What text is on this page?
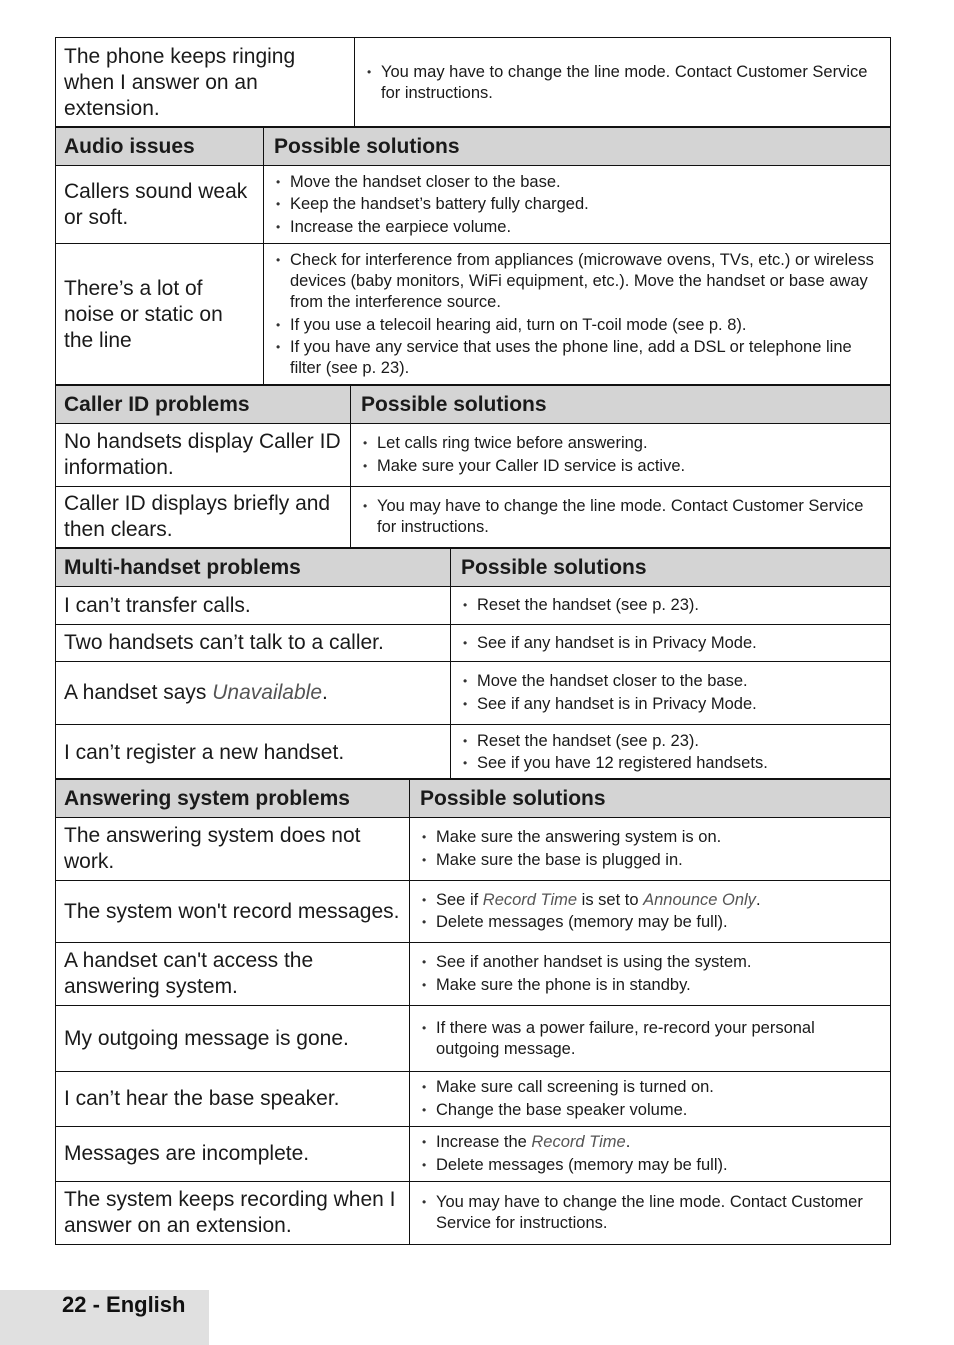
The phone keeps ringing when I answer on an extension.
• You may have to change the line mode. Contact Customer Service for instructions.
Audio issues	Possible solutions
Callers sound weak or soft.
• Move the handset closer to the base.
• Keep the handset’s battery fully charged.
• Increase the earpiece volume.
There’s a lot of noise or static on the line
• Check for interference from appliances (microwave ovens, TVs, etc.) or wireless devices (baby monitors, WiFi equipment, etc.). Move the handset or base away from the interference source.
• If you use a telecoil hearing aid, turn on T-coil mode (see p. 8).
• If you have any service that uses the phone line, add a DSL or telephone line filter (see p. 23).
Caller ID problems	Possible solutions
No handsets display Caller ID information.
• Let calls ring twice before answering.
• Make sure your Caller ID service is active.
Caller ID displays briefly and then clears.
• You may have to change the line mode. Contact Customer Service for instructions.
Multi-handset problems	Possible solutions
I can’t transfer calls.	• Reset the handset (see p. 23).
Two handsets can’t talk to a caller.	• See if any handset is in Privacy Mode.
A handset says Unavailable.	• Move the handset closer to the base.
• See if any handset is in Privacy Mode.
I can’t register a new handset.	• Reset the handset (see p. 23).
• See if you have 12 registered handsets.
Answering system problems	Possible solutions
The answering system does not work.
• Make sure the answering system is on.
• Make sure the base is plugged in.
The system won't record messages.	• See if Record Time is set to Announce Only.
• Delete messages (memory may be full).
A handset can't access the answering system.
• See if another handset is using the system.
• Make sure the phone is in standby.
My outgoing message is gone.	• If there was a power failure, re-record your personal outgoing message.
I can’t hear the base speaker.	• Make sure call screening is turned on.
• Change the base speaker volume.
Messages are incomplete.	• Increase the Record Time.
• Delete messages (memory may be full).
The system keeps recording when I answer on an extension.
• You may have to change the line mode. Contact Customer Service for instructions.
22 - English
